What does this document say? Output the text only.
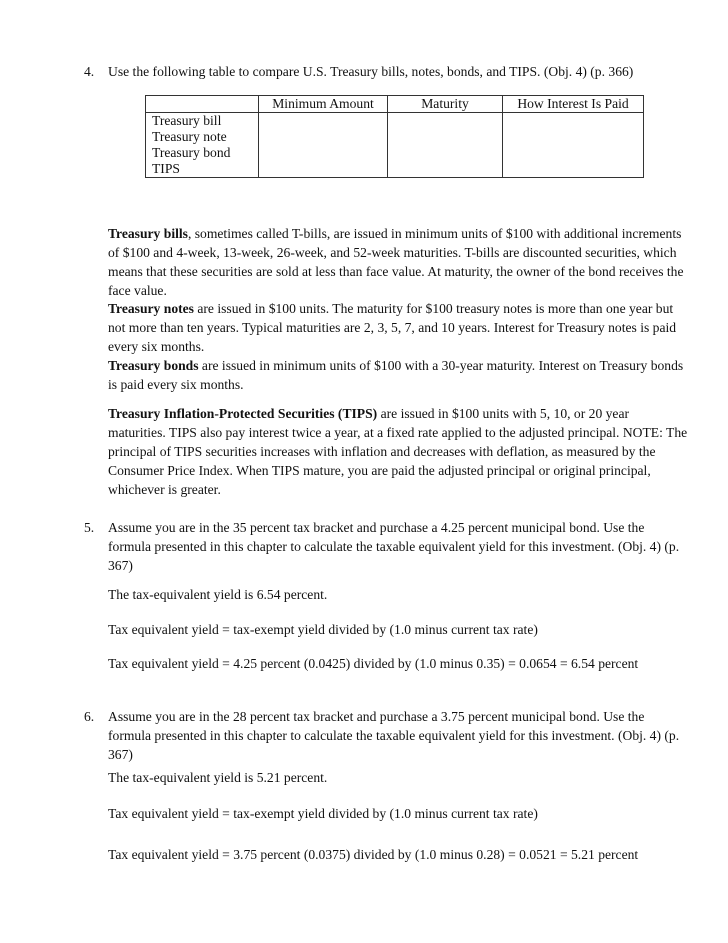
4. Use the following table to compare U.S. Treasury bills, notes, bonds, and TIPS. (Obj. 4) (p. 366)
	Minimum Amount	Maturity	How Interest Is Paid
Treasury bill			
Treasury note			
Treasury bond			
TIPS			
Treasury bills, sometimes called T-bills, are issued in minimum units of $100 with additional increments of $100 and 4-week, 13-week, 26-week, and 52-week maturities. T-bills are discounted securities, which means that these securities are sold at less than face value. At maturity, the owner of the bond receives the face value.
Treasury notes are issued in $100 units. The maturity for $100 treasury notes is more than one year but not more than ten years. Typical maturities are 2, 3, 5, 7, and 10 years. Interest for Treasury notes is paid every six months.
Treasury bonds are issued in minimum units of $100 with a 30-year maturity. Interest on Treasury bonds is paid every six months.
Treasury Inflation-Protected Securities (TIPS) are issued in $100 units with 5, 10, or 20 year maturities. TIPS also pay interest twice a year, at a fixed rate applied to the adjusted principal. NOTE: The principal of TIPS securities increases with inflation and decreases with deflation, as measured by the Consumer Price Index. When TIPS mature, you are paid the adjusted principal or original principal, whichever is greater.
5. Assume you are in the 35 percent tax bracket and purchase a 4.25 percent municipal bond. Use the formula presented in this chapter to calculate the taxable equivalent yield for this investment. (Obj. 4) (p. 367)
The tax-equivalent yield is 6.54 percent.
Tax equivalent yield = tax-exempt yield divided by (1.0 minus current tax rate)
Tax equivalent yield = 4.25 percent (0.0425) divided by (1.0 minus 0.35) = 0.0654 = 6.54 percent
6. Assume you are in the 28 percent tax bracket and purchase a 3.75 percent municipal bond. Use the formula presented in this chapter to calculate the taxable equivalent yield for this investment. (Obj. 4) (p. 367)
The tax-equivalent yield is 5.21 percent.
Tax equivalent yield = tax-exempt yield divided by (1.0 minus current tax rate)
Tax equivalent yield = 3.75 percent (0.0375) divided by (1.0 minus 0.28) = 0.0521 = 5.21 percent
